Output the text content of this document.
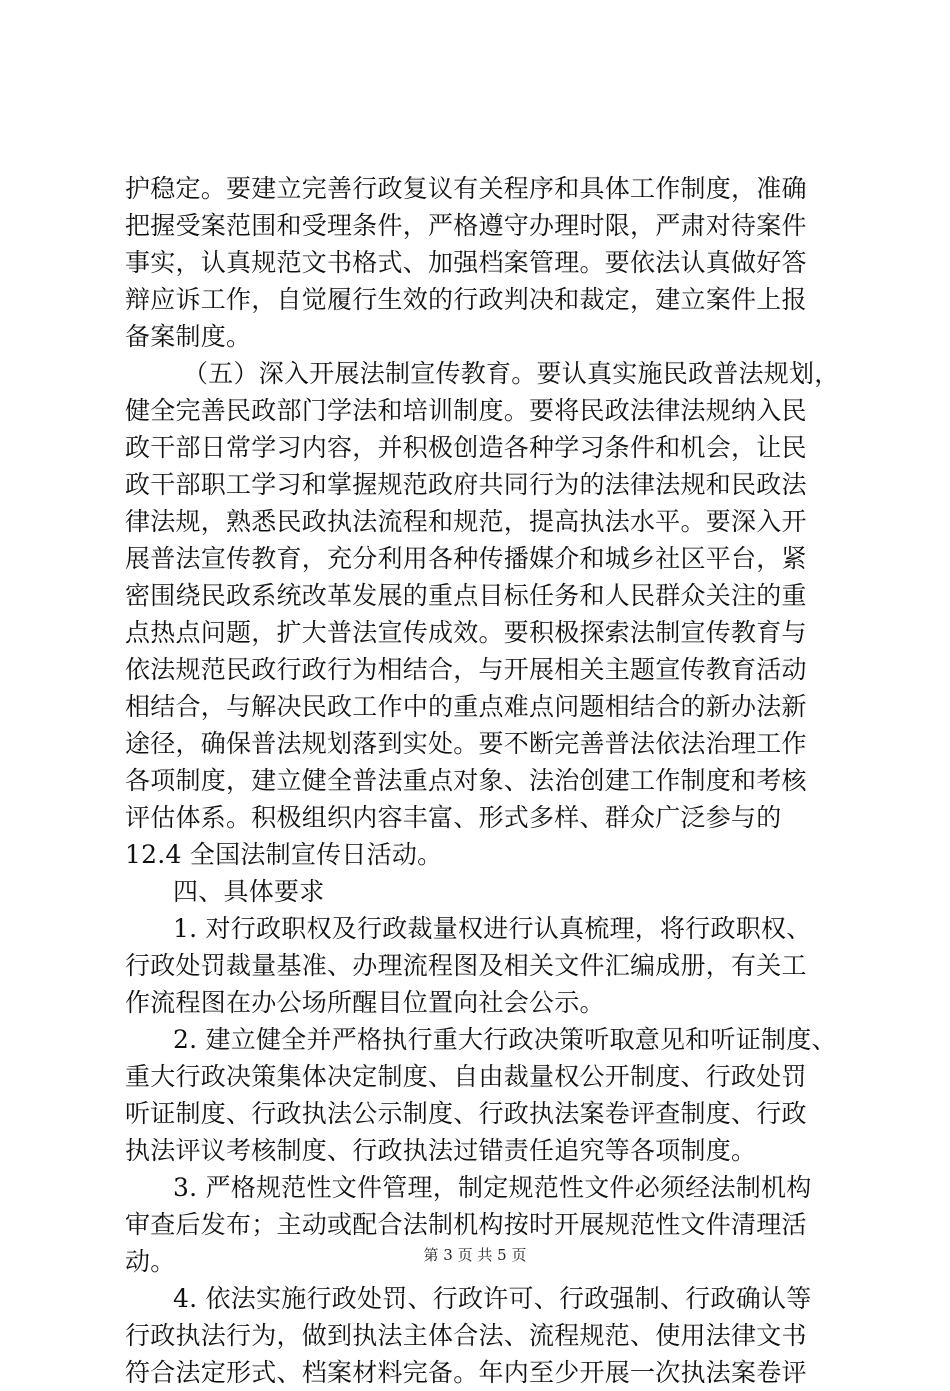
护稳定。要建立完善行政复议有关程序和具体工作制度，准确
把握受案范围和受理条件，严格遵守办理时限，严肃对待案件
事实，认真规范文书格式、加强档案管理。要依法认真做好答
辩应诉工作，自觉履行生效的行政判决和裁定，建立案件上报
备案制度。
（五）深入开展法制宣传教育。要认真实施民政普法规划，
健全完善民政部门学法和培训制度。要将民政法律法规纳入民
政干部日常学习内容，并积极创造各种学习条件和机会，让民
政干部职工学习和掌握规范政府共同行为的法律法规和民政法
律法规，熟悉民政执法流程和规范，提高执法水平。要深入开
展普法宣传教育，充分利用各种传播媒介和城乡社区平台，紧
密围绕民政系统改革发展的重点目标任务和人民群众关注的重
点热点问题，扩大普法宣传成效。要积极探索法制宣传教育与
依法规范民政行政行为相结合，与开展相关主题宣传教育活动
相结合，与解决民政工作中的重点难点问题相结合的新办法新
途径，确保普法规划落到实处。要不断完善普法依法治理工作
各项制度，建立健全普法重点对象、法治创建工作制度和考核
评估体系。积极组织内容丰富、形式多样、群众广泛参与的
12.4 全国法制宣传日活动。
四、具体要求
1. 对行政职权及行政裁量权进行认真梳理，将行政职权、
行政处罚裁量基准、办理流程图及相关文件汇编成册，有关工
作流程图在办公场所醒目位置向社会公示。
2. 建立健全并严格执行重大行政决策听取意见和听证制度、
重大行政决策集体决定制度、自由裁量权公开制度、行政处罚
听证制度、行政执法公示制度、行政执法案卷评查制度、行政
执法评议考核制度、行政执法过错责任追究等各项制度。
3. 严格规范性文件管理，制定规范性文件必须经法制机构
审查后发布；主动或配合法制机构按时开展规范性文件清理活
动。
4. 依法实施行政处罚、行政许可、行政强制、行政确认等
行政执法行为，做到执法主体合法、流程规范、使用法律文书
符合法定形式、档案材料完备。年内至少开展一次执法案卷评
第 3 页 共 5 页
